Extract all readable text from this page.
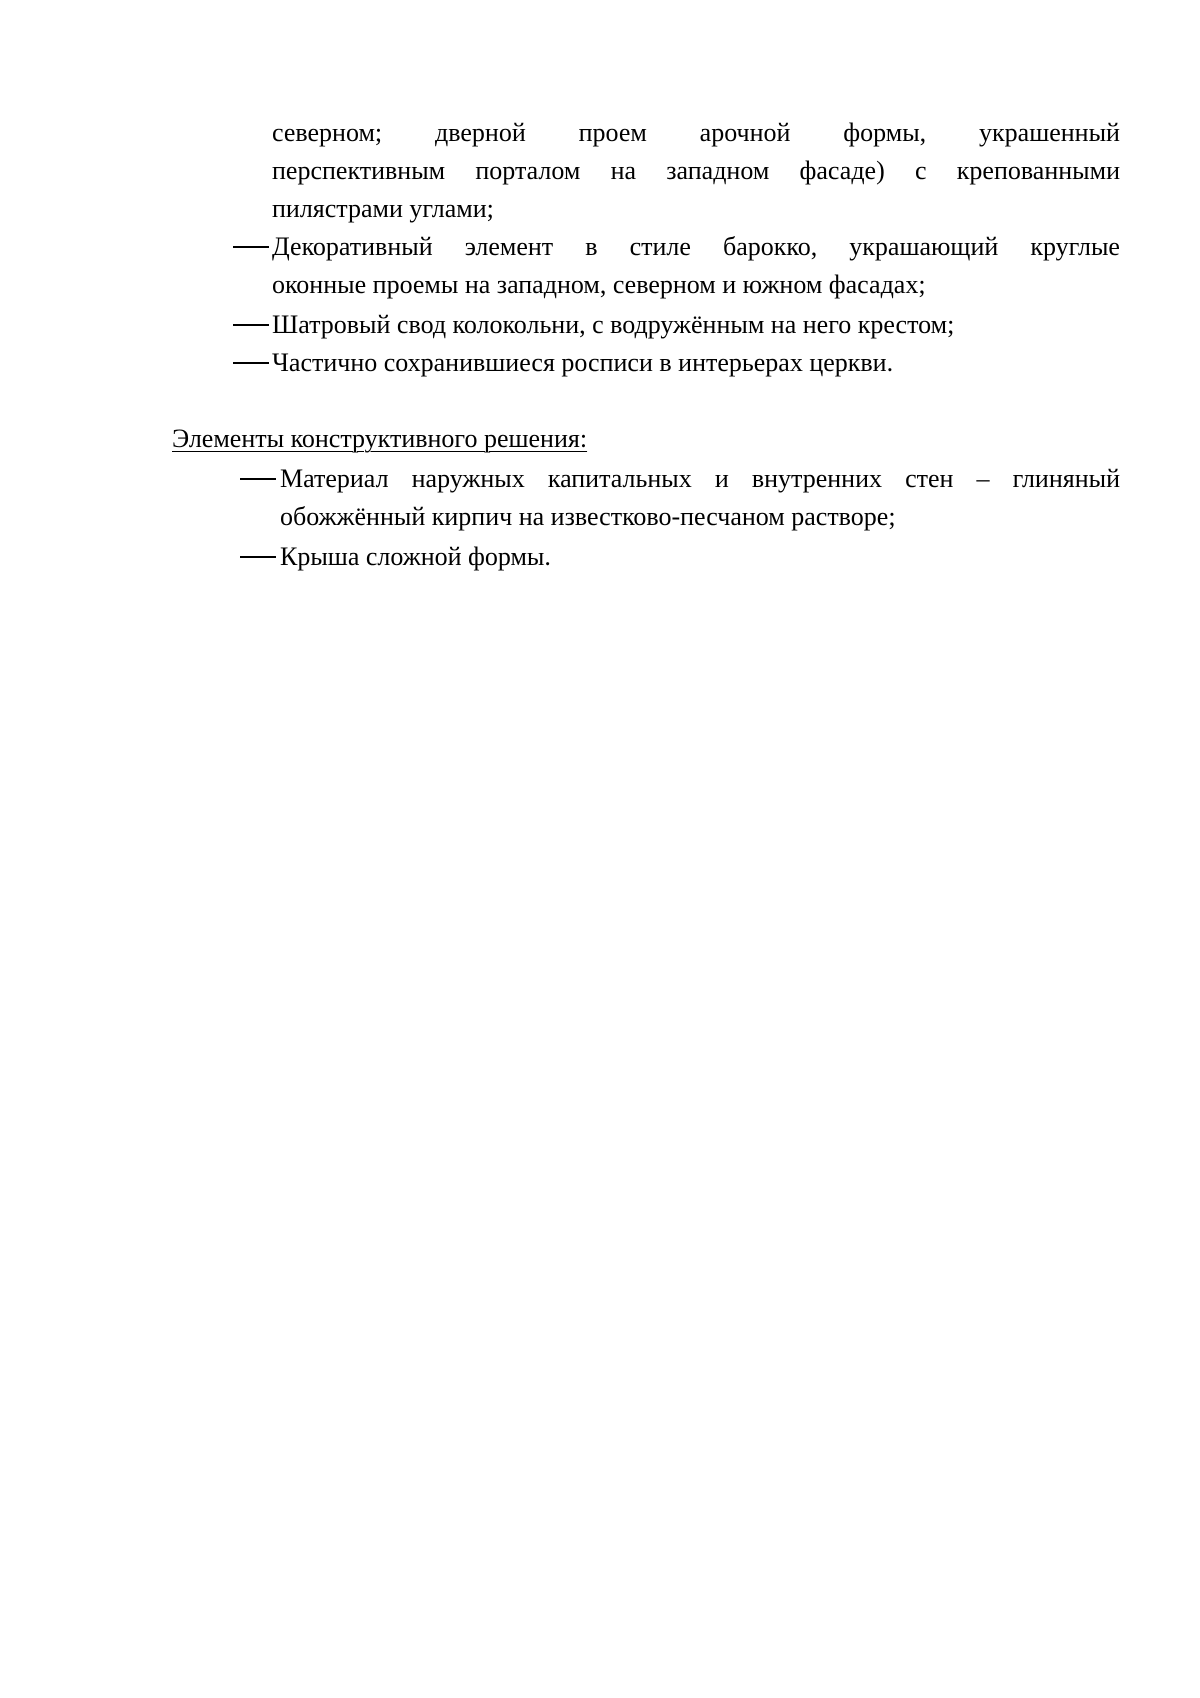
северном; дверной проем арочной формы, украшенный
перспективным порталом на западном фасаде) с крепованными
пилястрами углами;
Декоративный элемент в стиле барокко, украшающий круглые
оконные проемы на западном, северном и южном фасадах;
Шатровый свод колокольни, с водружённым на него крестом;
Частично сохранившиеся росписи в интерьерах церкви.
Элементы конструктивного решения:
Материал наружных капитальных и внутренних стен – глиняный
обожжённый кирпич на известково-песчаном растворе;
Крыша сложной формы.
